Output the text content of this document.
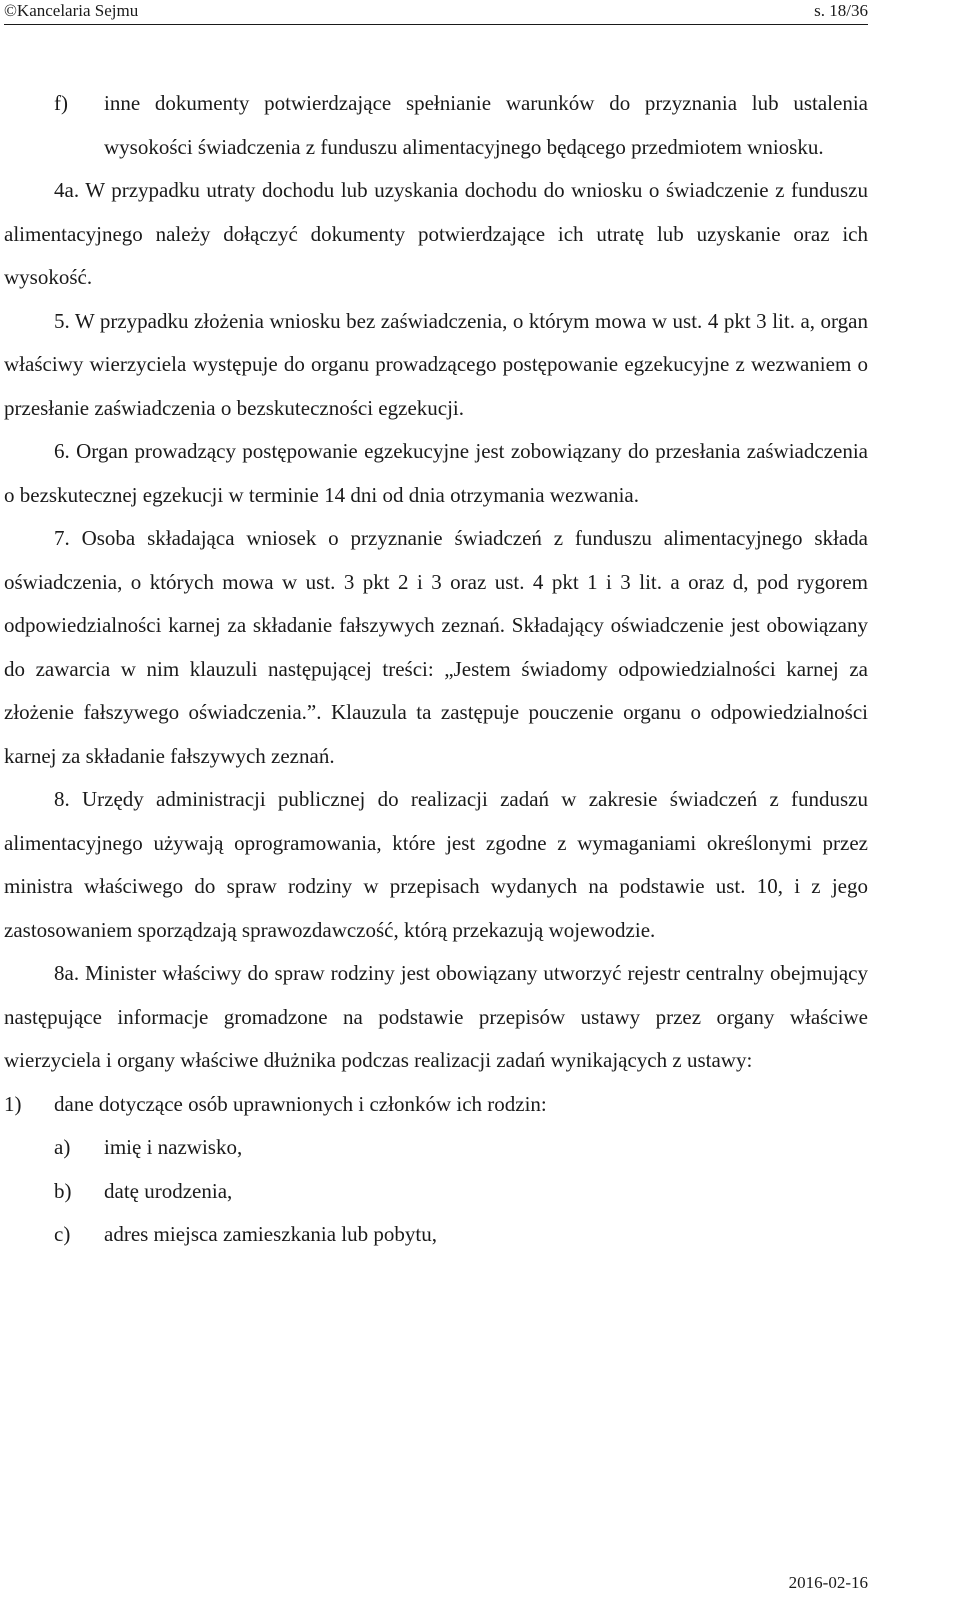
©Kancelaria Sejmu	s. 18/36
f)	inne dokumenty potwierdzające spełnianie warunków do przyznania lub ustalenia wysokości świadczenia z funduszu alimentacyjnego będącego przedmiotem wniosku.

4a. W przypadku utraty dochodu lub uzyskania dochodu do wniosku o świadczenie z funduszu alimentacyjnego należy dołączyć dokumenty potwierdzające ich utratę lub uzyskanie oraz ich wysokość.

5. W przypadku złożenia wniosku bez zaświadczenia, o którym mowa w ust. 4 pkt 3 lit. a, organ właściwy wierzyciela występuje do organu prowadzącego postępowanie egzekucyjne z wezwaniem o przesłanie zaświadczenia o bezskuteczności egzekucji.

6. Organ prowadzący postępowanie egzekucyjne jest zobowiązany do przesłania zaświadczenia o bezskutecznej egzekucji w terminie 14 dni od dnia otrzymania wezwania.

7. Osoba składająca wniosek o przyznanie świadczeń z funduszu alimentacyjnego składa oświadczenia, o których mowa w ust. 3 pkt 2 i 3 oraz ust. 4 pkt 1 i 3 lit. a oraz d, pod rygorem odpowiedzialności karnej za składanie fałszywych zeznań. Składający oświadczenie jest obowiązany do zawarcia w nim klauzuli następującej treści: „Jestem świadomy odpowiedzialności karnej za złożenie fałszywego oświadczenia.”. Klauzula ta zastępuje pouczenie organu o odpowiedzialności karnej za składanie fałszywych zeznań.

8. Urzędy administracji publicznej do realizacji zadań w zakresie świadczeń z funduszu alimentacyjnego używają oprogramowania, które jest zgodne z wymaganiami określonymi przez ministra właściwego do spraw rodziny w przepisach wydanych na podstawie ust. 10, i z jego zastosowaniem sporządzają sprawozdawczość, którą przekazują wojewodzie.

8a. Minister właściwy do spraw rodziny jest obowiązany utworzyć rejestr centralny obejmujący następujące informacje gromadzone na podstawie przepisów ustawy przez organy właściwe wierzyciela i organy właściwe dłużnika podczas realizacji zadań wynikających z ustawy:

1)	dane dotyczące osób uprawnionych i członków ich rodzin:
a)	imię i nazwisko,
b)	datę urodzenia,
c)	adres miejsca zamieszkania lub pobytu,
2016-02-16
